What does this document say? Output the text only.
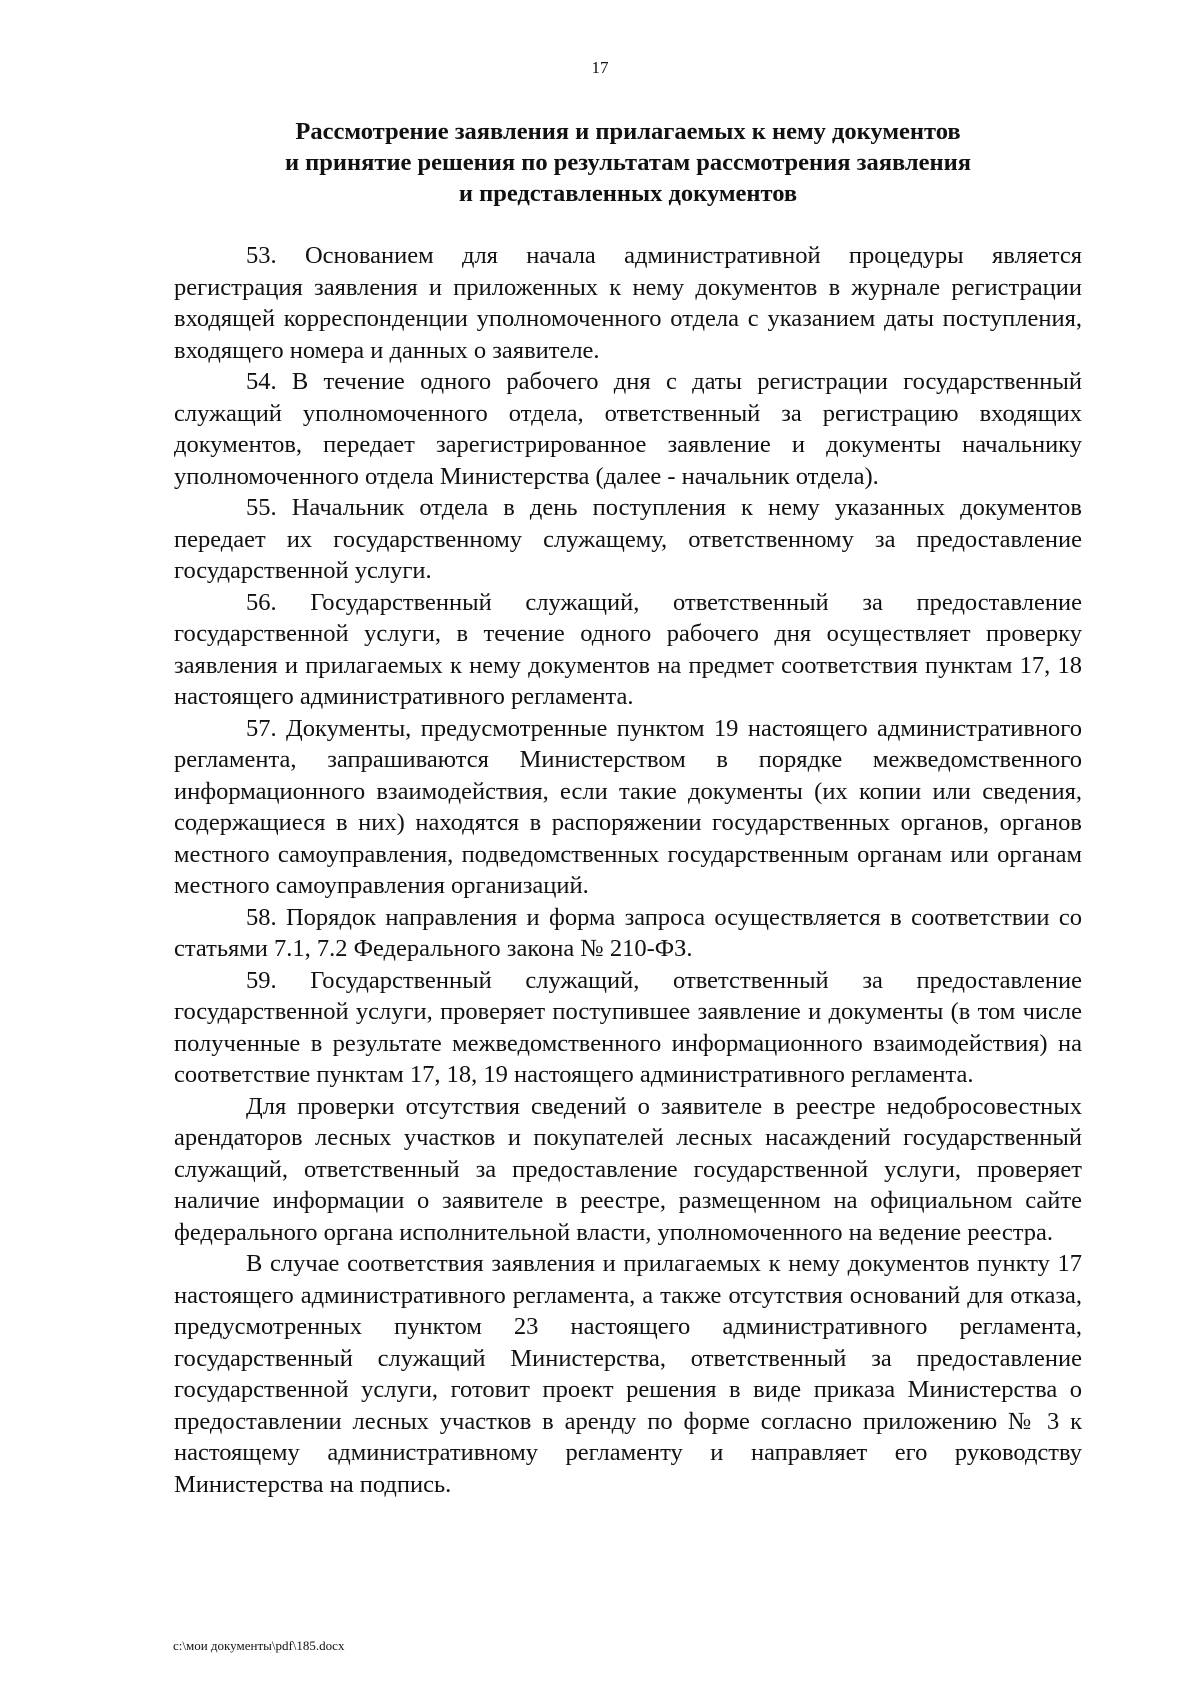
17
Рассмотрение заявления и прилагаемых к нему документов
и принятие решения по результатам рассмотрения заявления
и представленных документов

53. Основанием для начала административной процедуры является регистрация заявления и приложенных к нему документов в журнале регистрации входящей корреспонденции уполномоченного отдела с указанием даты поступления, входящего номера и данных о заявителе.

54. В течение одного рабочего дня с даты регистрации государственный служащий уполномоченного отдела, ответственный за регистрацию входящих документов, передает зарегистрированное заявление и документы начальнику уполномоченного отдела Министерства (далее - начальник отдела).

55. Начальник отдела в день поступления к нему указанных документов передает их государственному служащему, ответственному за предоставление государственной услуги.

56. Государственный служащий, ответственный за предоставление государственной услуги, в течение одного рабочего дня осуществляет проверку заявления и прилагаемых к нему документов на предмет соответствия пунктам 17, 18 настоящего административного регламента.

57. Документы, предусмотренные пунктом 19 настоящего административного регламента, запрашиваются Министерством в порядке межведомственного информационного взаимодействия, если такие документы (их копии или сведения, содержащиеся в них) находятся в распоряжении государственных органов, органов местного самоуправления, подведомственных государственным органам или органам местного самоуправления организаций.

58. Порядок направления и форма запроса осуществляется в соответствии со статьями 7.1, 7.2 Федерального закона № 210-ФЗ.

59. Государственный служащий, ответственный за предоставление государственной услуги, проверяет поступившее заявление и документы (в том числе полученные в результате межведомственного информационного взаимодействия) на соответствие пунктам 17, 18, 19 настоящего административного регламента.

Для проверки отсутствия сведений о заявителе в реестре недобросовестных арендаторов лесных участков и покупателей лесных насаждений государственный служащий, ответственный за предоставление государственной услуги, проверяет наличие информации о заявителе в реестре, размещенном на официальном сайте федерального органа исполнительной власти, уполномоченного на ведение реестра.

В случае соответствия заявления и прилагаемых к нему документов пункту 17 настоящего административного регламента, а также отсутствия оснований для отказа, предусмотренных пунктом 23 настоящего административного регламента, государственный служащий Министерства, ответственный за предоставление государственной услуги, готовит проект решения в виде приказа Министерства о предоставлении лесных участков в аренду по форме согласно приложению № 3 к настоящему административному регламенту и направляет его руководству Министерства на подпись.

c:\мои документы\pdf\185.docx
